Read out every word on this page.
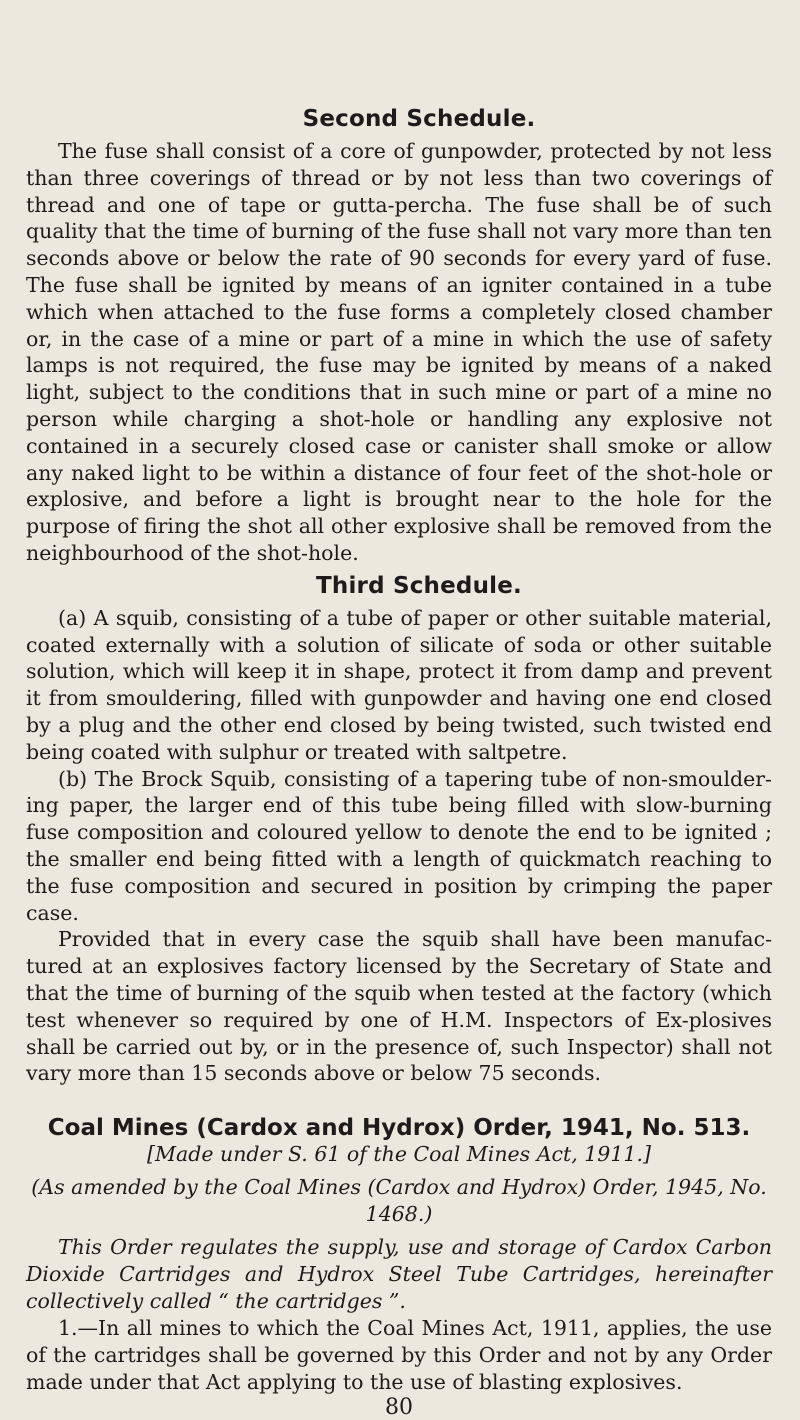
Second Schedule.

The fuse shall consist of a core of gunpowder, protected by not less than three coverings of thread or by not less than two coverings of thread and one of tape or gutta-percha. The fuse shall be of such quality that the time of burning of the fuse shall not vary more than ten seconds above or below the rate of 90 seconds for every yard of fuse. The fuse shall be ignited by means of an igniter contained in a tube which when attached to the fuse forms a completely closed chamber or, in the case of a mine or part of a mine in which the use of safety lamps is not required, the fuse may be ignited by means of a naked light, subject to the conditions that in such mine or part of a mine no person while charging a shot-hole or handling any explosive not contained in a securely closed case or canister shall smoke or allow any naked light to be within a distance of four feet of the shot-hole or explosive, and before a light is brought near to the hole for the purpose of firing the shot all other explosive shall be removed from the neighbourhood of the shot-hole.

Third Schedule.

(a) A squib, consisting of a tube of paper or other suitable material, coated externally with a solution of silicate of soda or other suitable solution, which will keep it in shape, protect it from damp and prevent it from smouldering, filled with gunpowder and having one end closed by a plug and the other end closed by being twisted, such twisted end being coated with sulphur or treated with saltpetre.

(b) The Brock Squib, consisting of a tapering tube of non-smoulder-ing paper, the larger end of this tube being filled with slow-burning fuse composition and coloured yellow to denote the end to be ignited ; the smaller end being fitted with a length of quickmatch reaching to the fuse composition and secured in position by crimping the paper case.

Provided that in every case the squib shall have been manufac-tured at an explosives factory licensed by the Secretary of State and that the time of burning of the squib when tested at the factory (which test whenever so required by one of H.M. Inspectors of Ex-plosives shall be carried out by, or in the presence of, such Inspector) shall not vary more than 15 seconds above or below 75 seconds.

Coal Mines (Cardox and Hydrox) Order, 1941, No. 513.

[Made under S. 61 of the Coal Mines Act, 1911.]

(As amended by the Coal Mines (Cardox and Hydrox) Order, 1945, No. 1468.)

This Order regulates the supply, use and storage of Cardox Carbon Dioxide Cartridges and Hydrox Steel Tube Cartridges, hereinafter collectively called “ the cartridges ”.

1.—In all mines to which the Coal Mines Act, 1911, applies, the use of the cartridges shall be governed by this Order and not by any Order made under that Act applying to the use of blasting explosives.

80
